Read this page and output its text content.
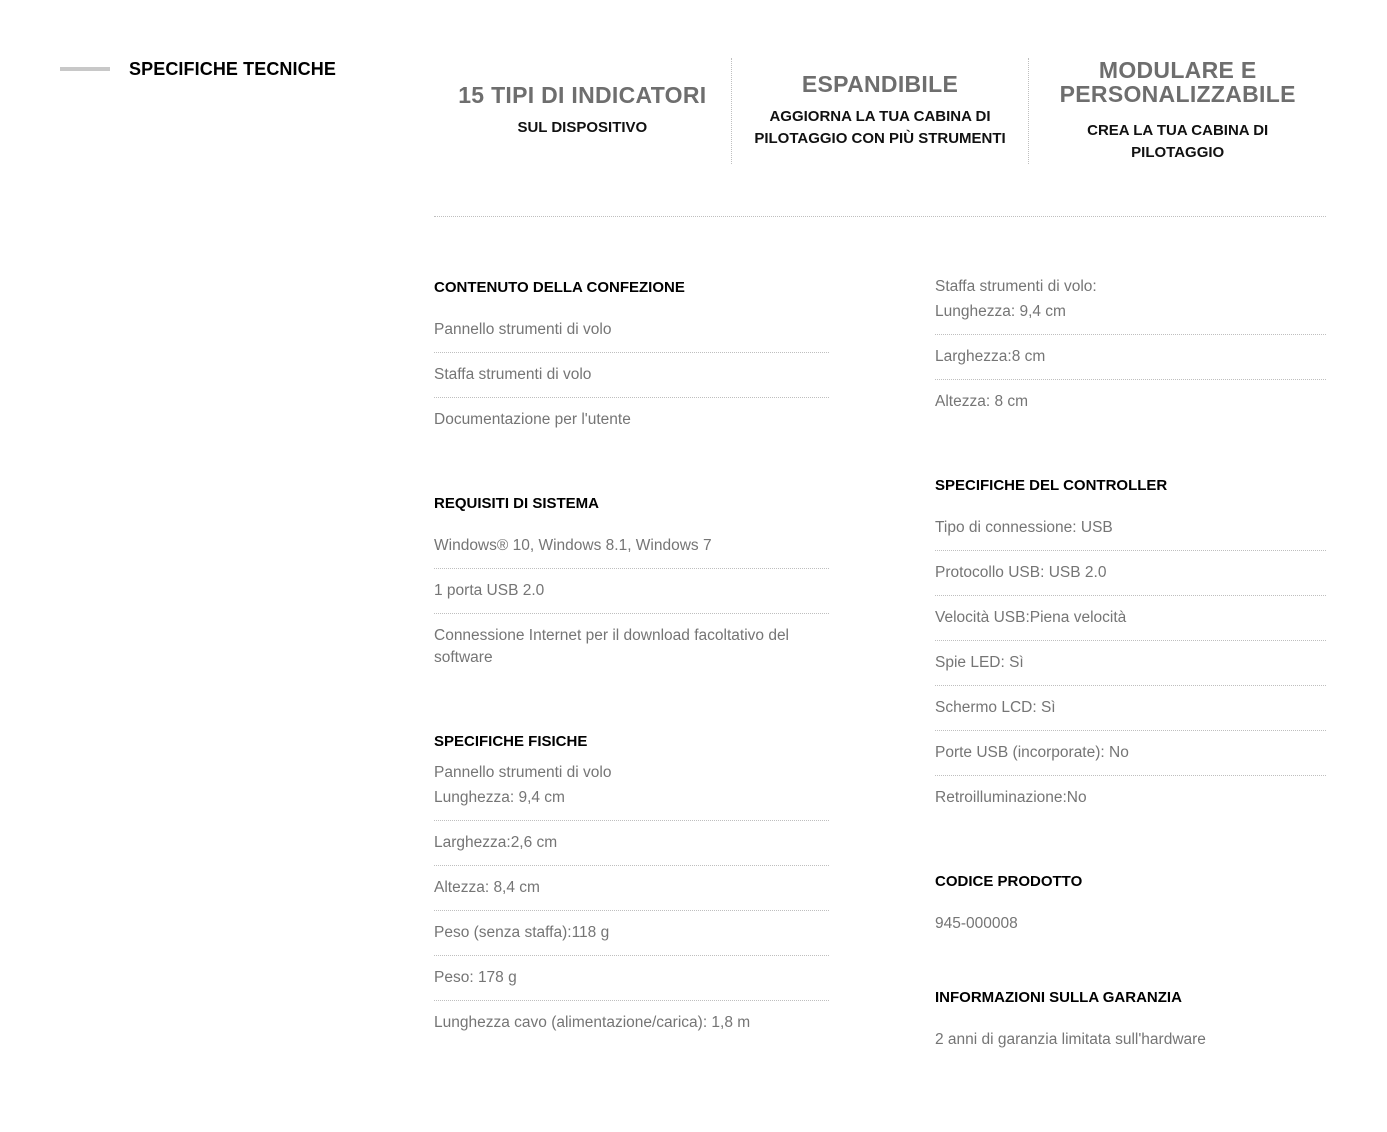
SPECIFICHE TECNICHE
15 TIPI DI INDICATORI
SUL DISPOSITIVO
ESPANDIBILE
AGGIORNA LA TUA CABINA DI PILOTAGGIO CON PIÙ STRUMENTI
MODULARE E PERSONALIZZABILE
CREA LA TUA CABINA DI PILOTAGGIO
CONTENUTO DELLA CONFEZIONE
Pannello strumenti di volo
Staffa strumenti di volo
Documentazione per l'utente
REQUISITI DI SISTEMA
Windows® 10, Windows 8.1, Windows 7
1 porta USB 2.0
Connessione Internet per il download facoltativo del software
SPECIFICHE FISICHE
Pannello strumenti di volo
Lunghezza: 9,4 cm
Larghezza:2,6 cm
Altezza: 8,4 cm
Peso (senza staffa):118 g
Peso: 178 g
Lunghezza cavo (alimentazione/carica): 1,8 m
Staffa strumenti di volo:
Lunghezza: 9,4 cm
Larghezza:8 cm
Altezza: 8 cm
SPECIFICHE DEL CONTROLLER
Tipo di connessione: USB
Protocollo USB: USB 2.0
Velocità USB:Piena velocità
Spie LED: Sì
Schermo LCD: Sì
Porte USB (incorporate): No
Retroilluminazione:No
CODICE PRODOTTO
945-000008
INFORMAZIONI SULLA GARANZIA
2 anni di garanzia limitata sull'hardware
